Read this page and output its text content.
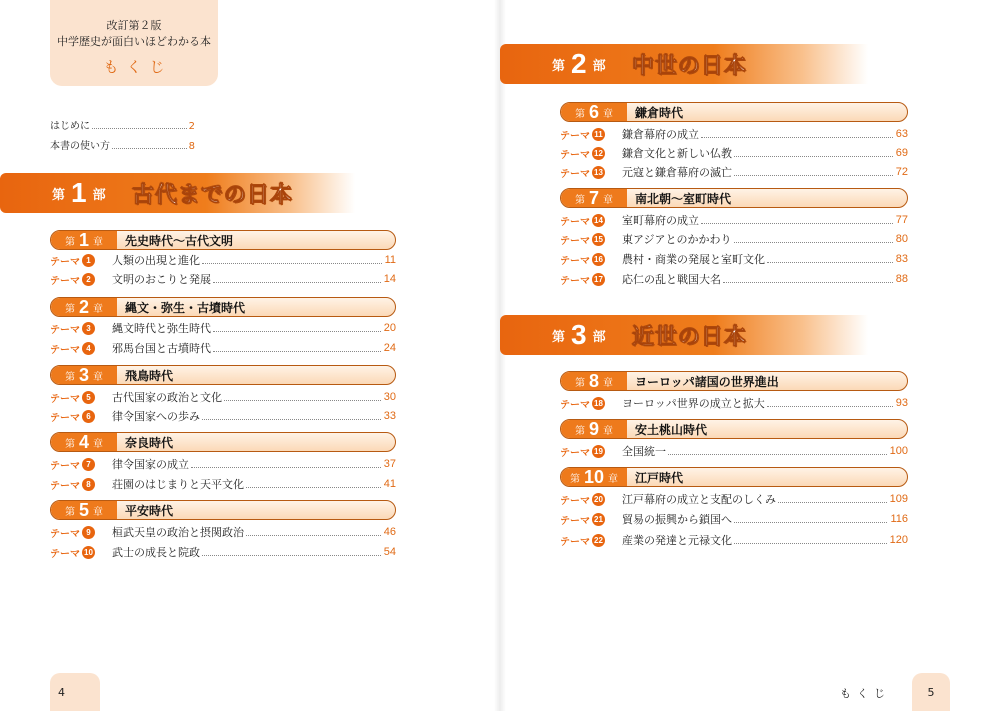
改訂第２版
中学歴史が面白いほどわかる本
もくじ
はじめに	2
本書の使い方	8
第 1 部 古代までの日本
第 1 章 先史時代〜古代文明
テーマ 1	人類の出現と進化	11
テーマ 2	文明のおこりと発展	14
第 2 章 縄文・弥生・古墳時代
テーマ 3	縄文時代と弥生時代	20
テーマ 4	邪馬台国と古墳時代	24
第 3 章 飛鳥時代
テーマ 5	古代国家の政治と文化	30
テーマ 6	律令国家への歩み	33
第 4 章 奈良時代
テーマ 7	律令国家の成立	37
テーマ 8	荘園のはじまりと天平文化	41
第 5 章 平安時代
テーマ 9	桓武天皇の政治と摂関政治	46
テーマ 10 武士の成長と院政	54
4
第 2 部 中世の日本
第 6 章 鎌倉時代
テーマ 11 鎌倉幕府の成立	63
テーマ 12 鎌倉文化と新しい仏教	69
テーマ 13 元寇と鎌倉幕府の滅亡	72
第 7 章 南北朝〜室町時代
テーマ 14 室町幕府の成立	77
テーマ 15 東アジアとのかかわり	80
テーマ 16 農村・商業の発展と室町文化	83
テーマ 17 応仁の乱と戦国大名	88
第 3 部 近世の日本
第 8 章 ヨーロッパ諸国の世界進出
テーマ 18 ヨーロッパ世界の成立と拡大	93
第 9 章 安土桃山時代
テーマ 19 全国統一	100
第 10 章 江戸時代
テーマ 20 江戸幕府の成立と支配のしくみ	109
テーマ 21 貿易の振興から鎖国へ	116
テーマ 22 産業の発達と元禄文化	120
もくじ	5
